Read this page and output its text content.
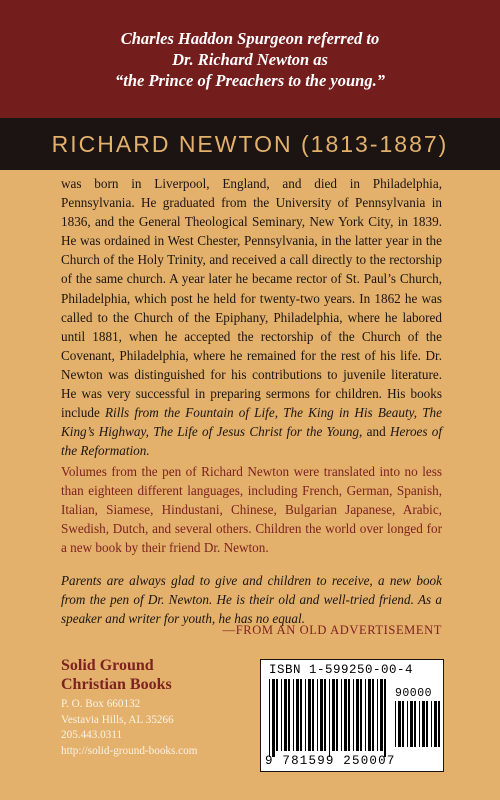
Charles Haddon Spurgeon referred to
Dr. Richard Newton as
“the Prince of Preachers to the young.”
RICHARD NEWTON (1813-1887)

was born in Liverpool, England, and died in Philadelphia, Pennsylvania. He graduated from the University of Pennsylvania in 1836, and the General Theological Seminary, New York City, in 1839. He was ordained in West Chester, Pennsylvania, in the latter year in the Church of the Holy Trinity, and received a call directly to the rectorship of the same church. A year later he became rector of St. Paul’s Church, Philadelphia, which post he held for twenty-two years. In 1862 he was called to the Church of the Epiphany, Philadelphia, where he labored until 1881, when he accepted the rectorship of the Church of the Covenant, Philadelphia, where he remained for the rest of his life. Dr. Newton was distinguished for his contributions to juvenile literature. He was very successful in preparing sermons for children. His books include Rills from the Fountain of Life, The King in His Beauty, The King’s Highway, The Life of Jesus Christ for the Young, and Heroes of the Reformation.

Volumes from the pen of Richard Newton were translated into no less than eighteen different languages, including French, German, Spanish, Italian, Siamese, Hindustani, Chinese, Bulgarian Japanese, Arabic, Swedish, Dutch, and several others. Children the world over longed for a new book by their friend Dr. Newton.

Parents are always glad to give and children to receive, a new book from the pen of Dr. Newton. He is their old and well-tried friend. As a speaker and writer for youth, he has no equal.

—FROM AN OLD ADVERTISEMENT
Solid Ground
Christian Books
P. O. Box 660132
Vestavia Hills, AL 35266
205.443.0311
http://solid-ground-books.com
ISBN 1-599250-00-4
90000
9 781599 250007
